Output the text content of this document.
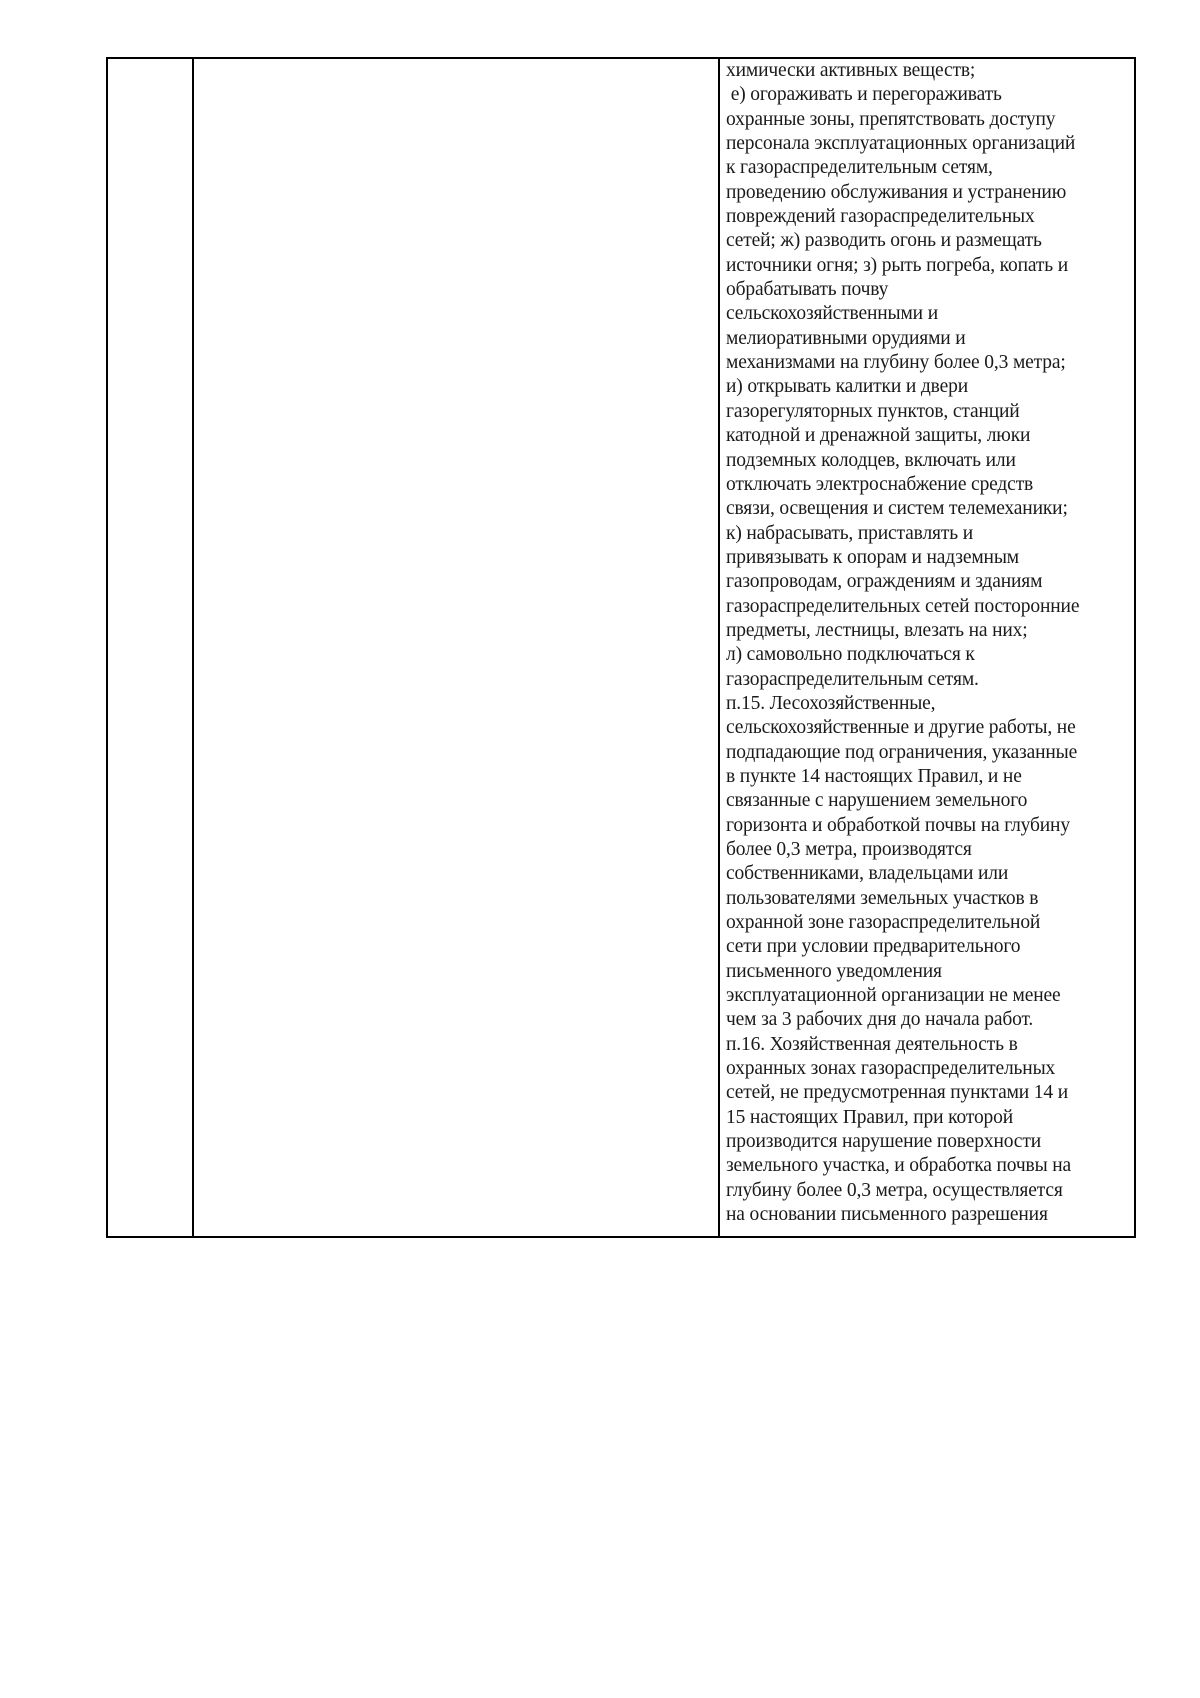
химически активных веществ;

е) огораживать и перегораживать

охранные зоны, препятствовать доступу

персонала эксплуатационных организаций

к газораспределительным сетям,

проведению обслуживания и устранению

повреждений газораспределительных

сетей; ж) разводить огонь и размещать

источники огня; з) рыть погреба, копать и

обрабатывать почву

сельскохозяйственными и

мелиоративными орудиями и

механизмами на глубину более 0,3 метра;

и) открывать калитки и двери

газорегуляторных пунктов, станций

катодной и дренажной защиты, люки

подземных колодцев, включать или

отключать электроснабжение средств

связи, освещения и систем телемеханики;

к) набрасывать, приставлять и

привязывать к опорам и надземным

газопроводам, ограждениям и зданиям

газораспределительных сетей посторонние

предметы, лестницы, влезать на них;

л) самовольно подключаться к

газораспределительным сетям.

п.15. Лесохозяйственные,

сельскохозяйственные и другие работы, не

подпадающие под ограничения, указанные

в пункте 14 настоящих Правил, и не

связанные с нарушением земельного

горизонта и обработкой почвы на глубину

более 0,3 метра, производятся

собственниками, владельцами или

пользователями земельных участков в

охранной зоне газораспределительной

сети при условии предварительного

письменного уведомления

эксплуатационной организации не менее

чем за 3 рабочих дня до начала работ.

п.16. Хозяйственная деятельность в

охранных зонах газораспределительных

сетей, не предусмотренная пунктами 14 и

15 настоящих Правил, при которой

производится нарушение поверхности

земельного участка, и обработка почвы на

глубину более 0,3 метра, осуществляется

на основании письменного разрешения
